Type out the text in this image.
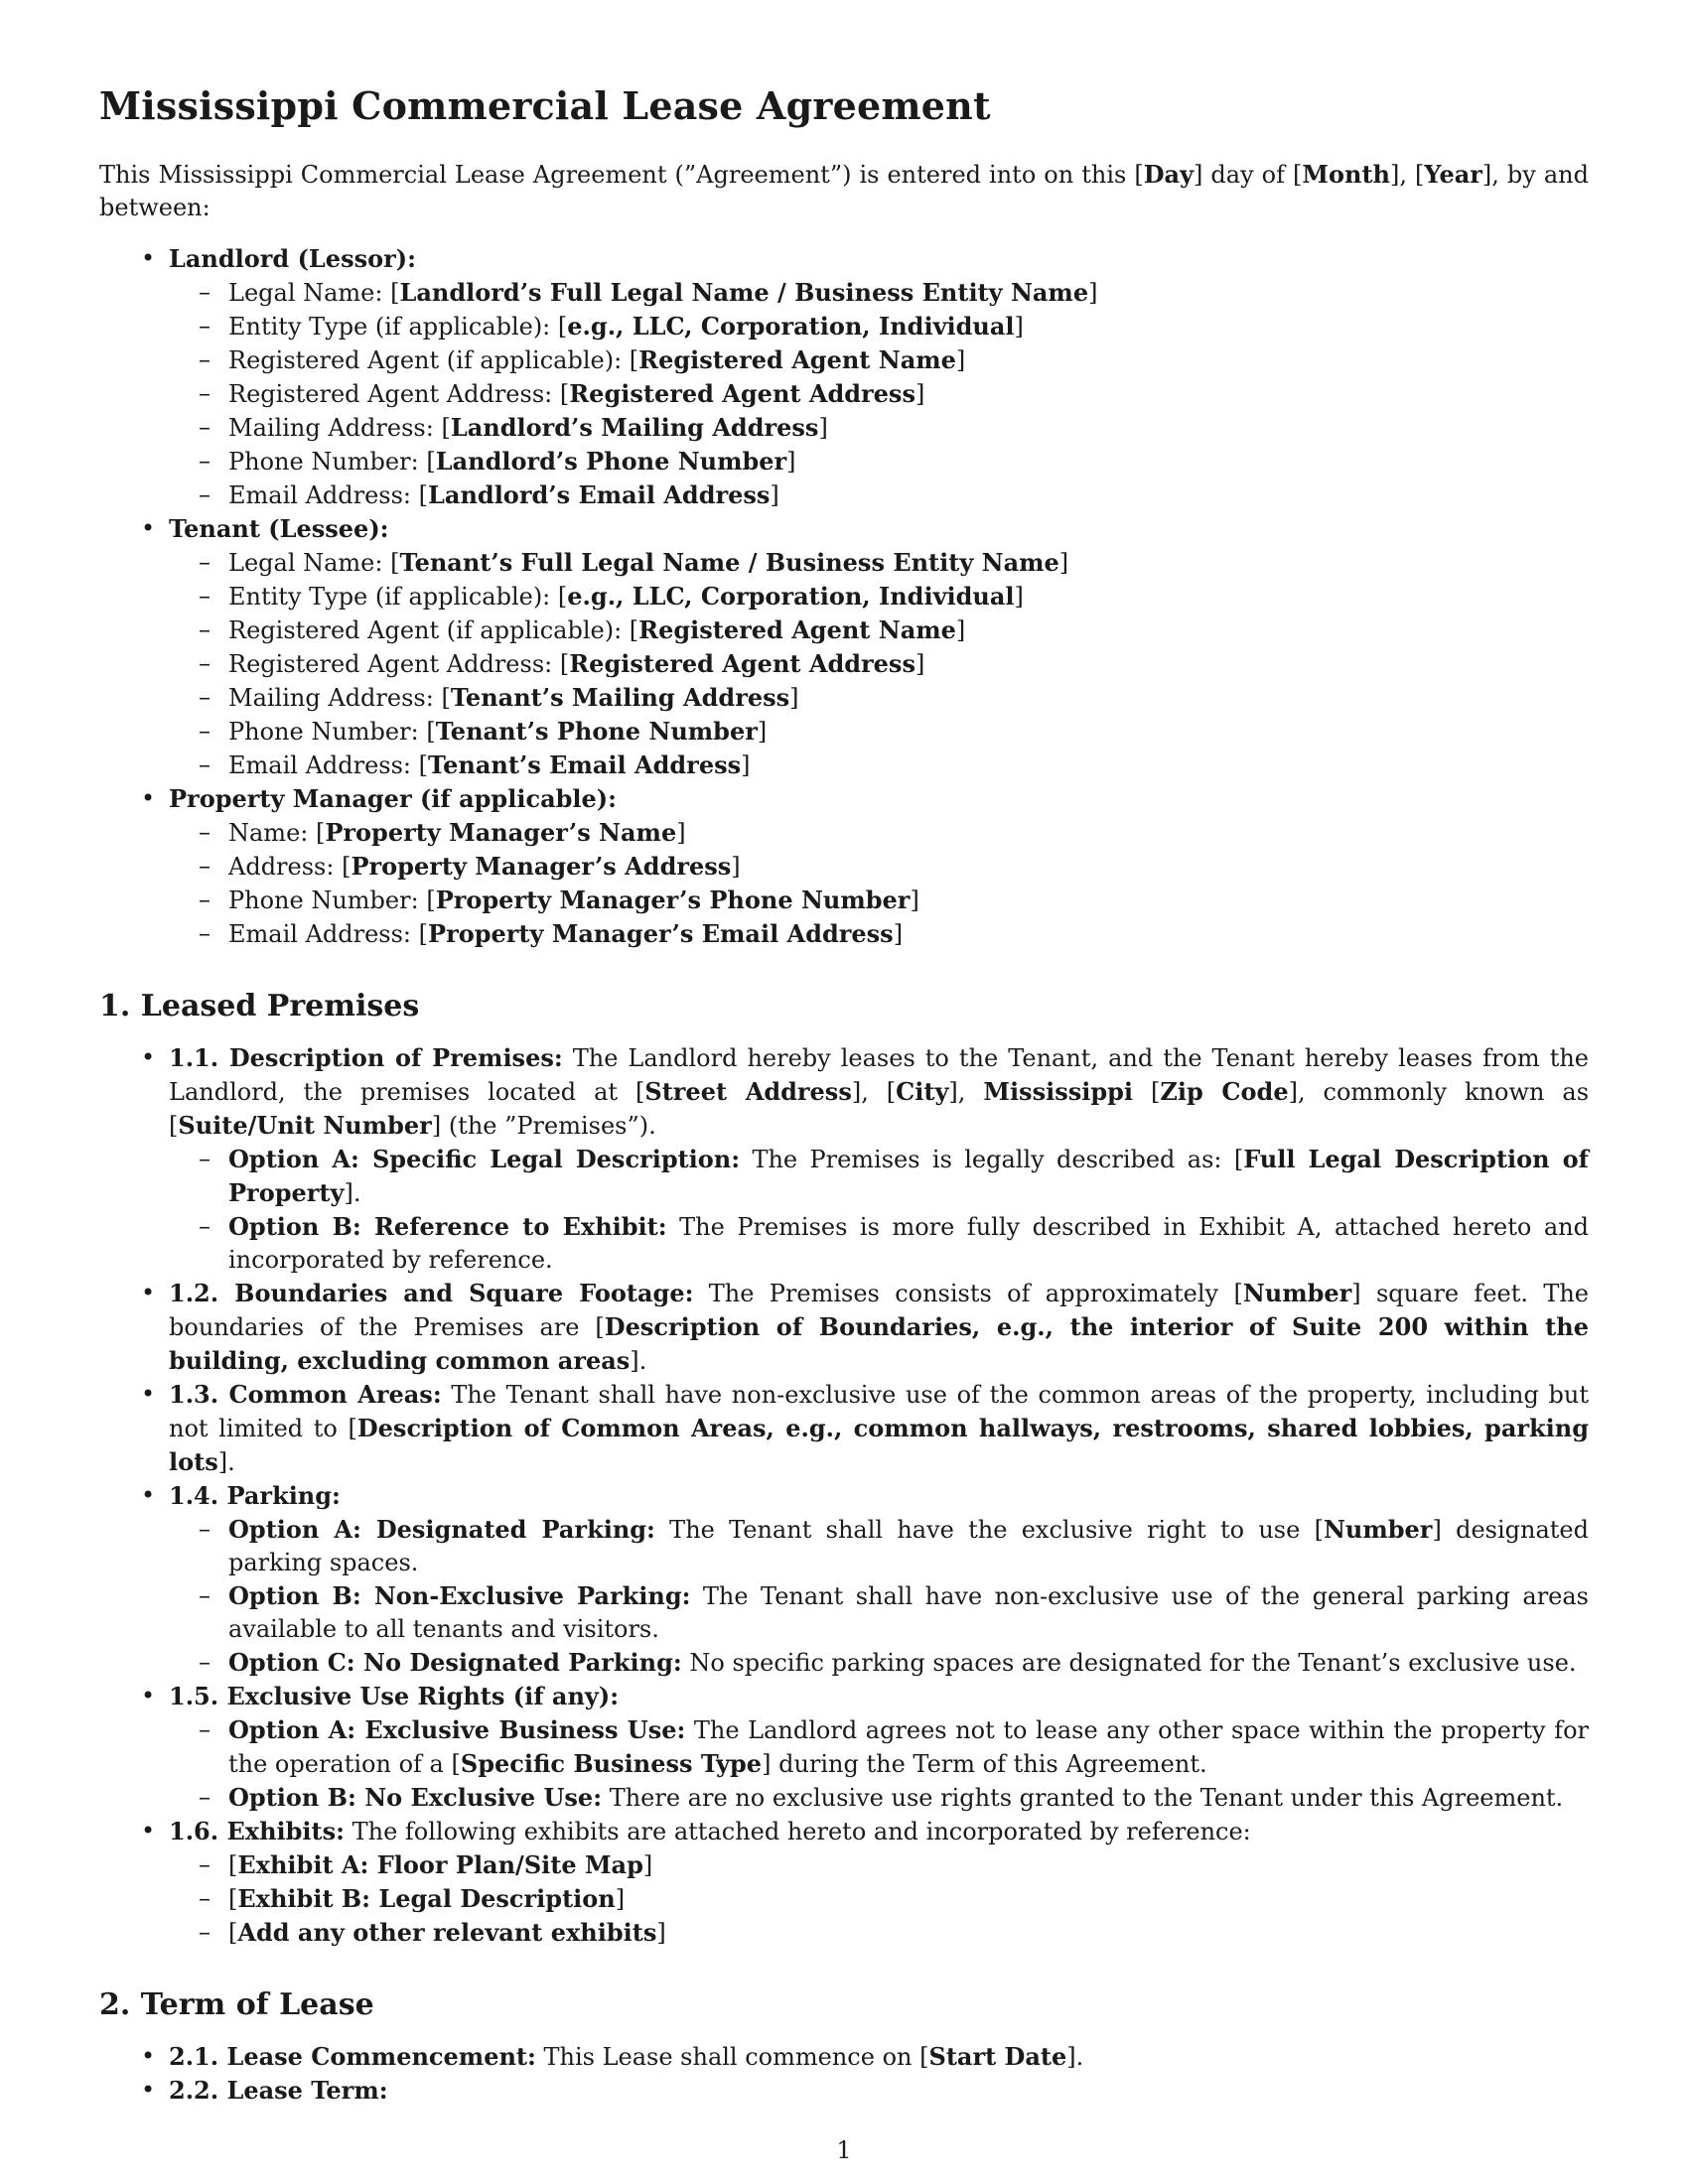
Mississippi Commercial Lease Agreement

This Mississippi Commercial Lease Agreement (”Agreement”) is entered into on this [Day] day of [Month], [Year], by and between:

• Landlord (Lessor):
– Legal Name: [Landlord’s Full Legal Name / Business Entity Name]
– Entity Type (if applicable): [e.g., LLC, Corporation, Individual]
– Registered Agent (if applicable): [Registered Agent Name]
– Registered Agent Address: [Registered Agent Address]
– Mailing Address: [Landlord’s Mailing Address]
– Phone Number: [Landlord’s Phone Number]
– Email Address: [Landlord’s Email Address]
• Tenant (Lessee):
– Legal Name: [Tenant’s Full Legal Name / Business Entity Name]
– Entity Type (if applicable): [e.g., LLC, Corporation, Individual]
– Registered Agent (if applicable): [Registered Agent Name]
– Registered Agent Address: [Registered Agent Address]
– Mailing Address: [Tenant’s Mailing Address]
– Phone Number: [Tenant’s Phone Number]
– Email Address: [Tenant’s Email Address]
• Property Manager (if applicable):
– Name: [Property Manager’s Name]
– Address: [Property Manager’s Address]
– Phone Number: [Property Manager’s Phone Number]
– Email Address: [Property Manager’s Email Address]
1. Leased Premises
• 1.1. Description of Premises: The Landlord hereby leases to the Tenant, and the Tenant hereby leases from the Landlord, the premises located at [Street Address], [City], Mississippi [Zip Code], commonly known as [Suite/Unit Number] (the ”Premises”).
– Option A: Specific Legal Description: The Premises is legally described as: [Full Legal Description of Property].
– Option B: Reference to Exhibit: The Premises is more fully described in Exhibit A, attached hereto and incorporated by reference.
• 1.2. Boundaries and Square Footage: The Premises consists of approximately [Number] square feet. The boundaries of the Premises are [Description of Boundaries, e.g., the interior of Suite 200 within the building, excluding common areas].
• 1.3. Common Areas: The Tenant shall have non-exclusive use of the common areas of the property, including but not limited to [Description of Common Areas, e.g., common hallways, restrooms, shared lobbies, parking lots].
• 1.4. Parking:
– Option A: Designated Parking: The Tenant shall have the exclusive right to use [Number] designated parking spaces.
– Option B: Non-Exclusive Parking: The Tenant shall have non-exclusive use of the general parking areas available to all tenants and visitors.
– Option C: No Designated Parking: No specific parking spaces are designated for the Tenant’s exclusive use.
• 1.5. Exclusive Use Rights (if any):
– Option A: Exclusive Business Use: The Landlord agrees not to lease any other space within the property for the operation of a [Specific Business Type] during the Term of this Agreement.
– Option B: No Exclusive Use: There are no exclusive use rights granted to the Tenant under this Agreement.
• 1.6. Exhibits: The following exhibits are attached hereto and incorporated by reference:
– [Exhibit A: Floor Plan/Site Map]
– [Exhibit B: Legal Description]
– [Add any other relevant exhibits]
2. Term of Lease
• 2.1. Lease Commencement: This Lease shall commence on [Start Date].
• 2.2. Lease Term:
1
